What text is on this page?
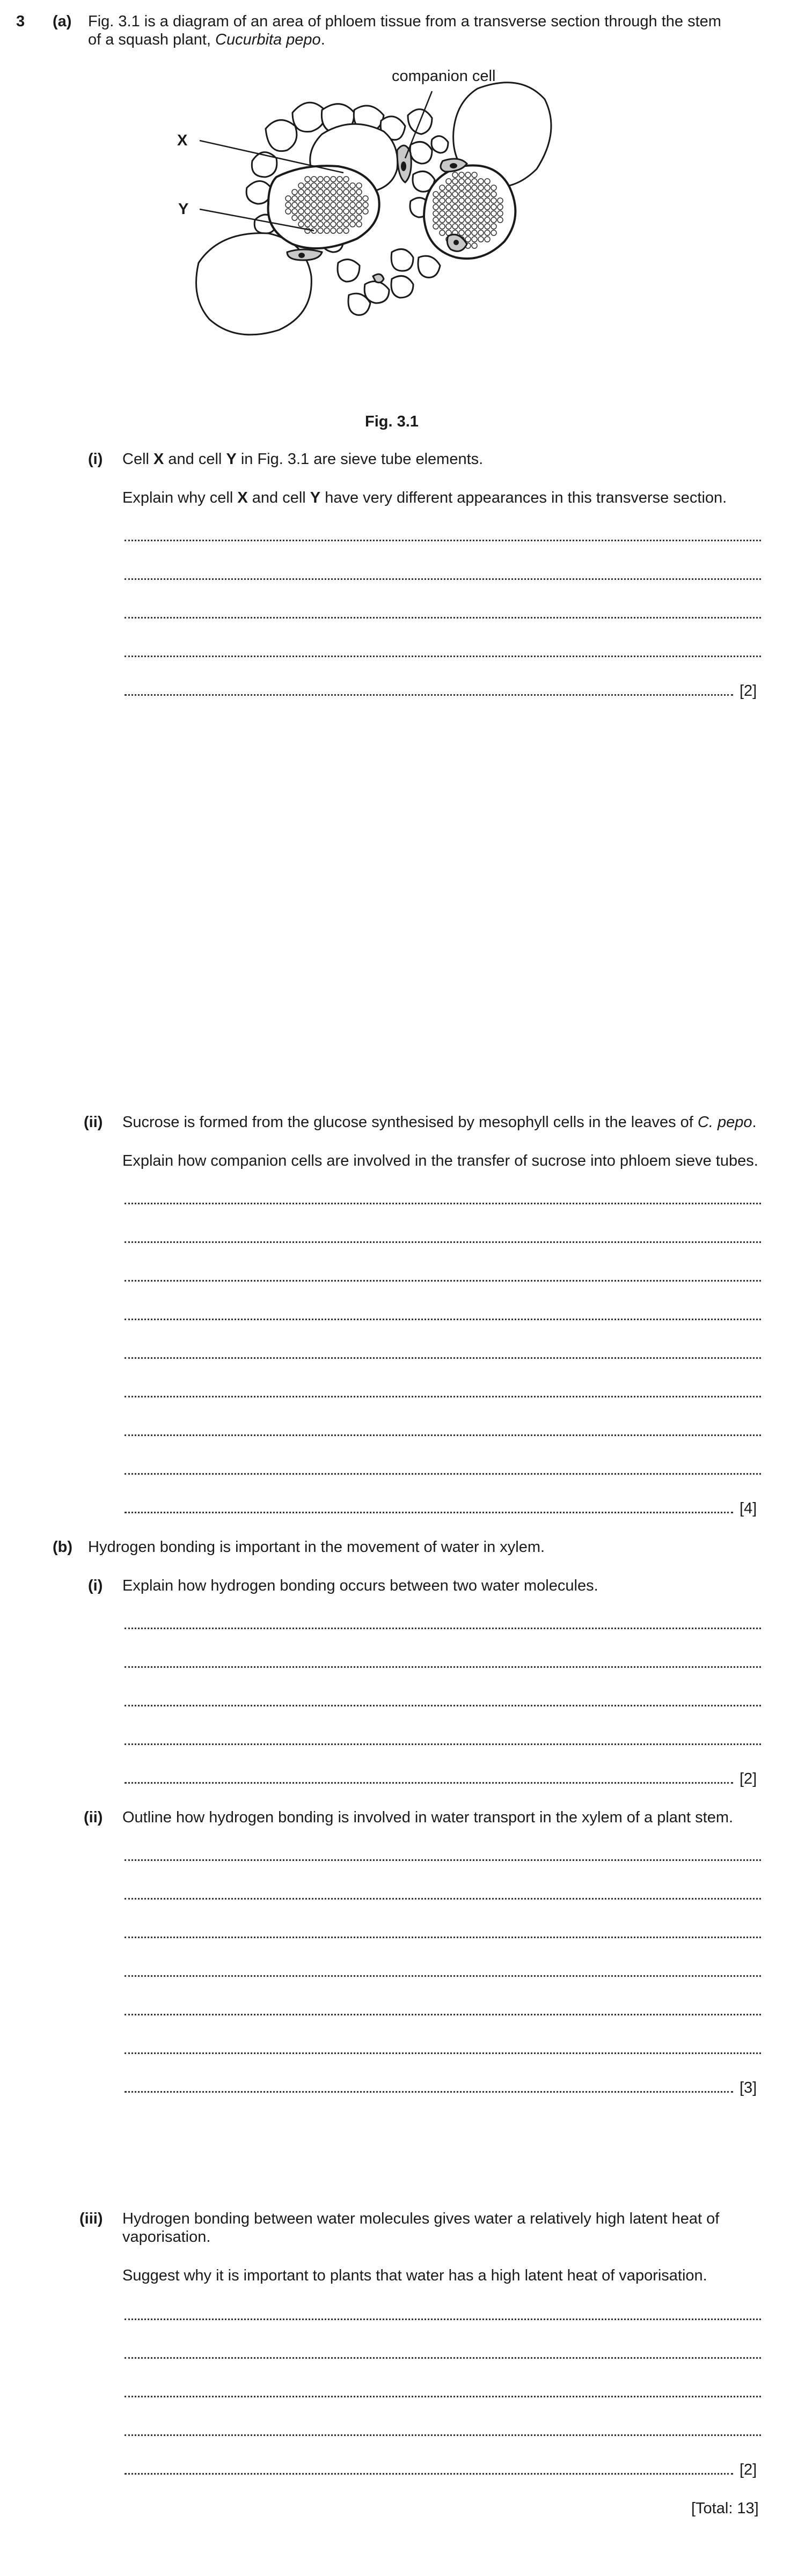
3 (a) Fig. 3.1 is a diagram of an area of phloem tissue from a transverse section through the stem
of a squash plant, Cucurbita pepo.
companion cell
X
Y
Fig. 3.1
(i) Cell X and cell Y in Fig. 3.1 are sieve tube elements.
Explain why cell X and cell Y have very different appearances in this transverse section.
[2]
(ii) Sucrose is formed from the glucose synthesised by mesophyll cells in the leaves of C. pepo.
Explain how companion cells are involved in the transfer of sucrose into phloem sieve tubes.
[4]
(b) Hydrogen bonding is important in the movement of water in xylem.
(i) Explain how hydrogen bonding occurs between two water molecules.
[2]
(ii) Outline how hydrogen bonding is involved in water transport in the xylem of a plant stem.
[3]
(iii) Hydrogen bonding between water molecules gives water a relatively high latent heat of
vaporisation.
Suggest why it is important to plants that water has a high latent heat of vaporisation.
[2]
[Total: 13]
